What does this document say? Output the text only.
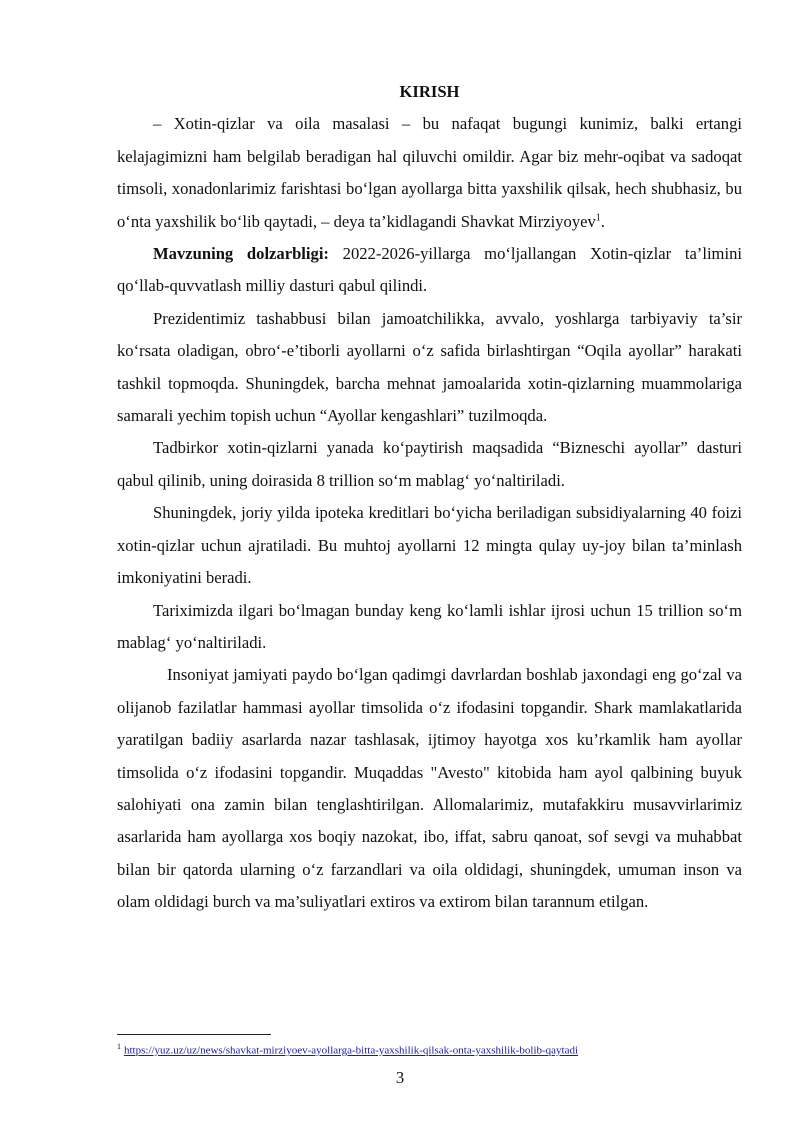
KIRISH

– Xotin-qizlar va oila masalasi – bu nafaqat bugungi kunimiz, balki ertangi kelajagimizni ham belgilab beradigan hal qiluvchi omildir. Agar biz mehr-oqibat va sadoqat timsoli, xonadonlarimiz farishtasi bo‘lgan ayollarga bitta yaxshilik qilsak, hech shubhasiz, bu o‘nta yaxshilik bo‘lib qaytadi, – deya ta’kidlagandi Shavkat Mirziyoyev$^1$.

Mavzuning dolzarbligi: 2022-2026-yillarga mo‘ljallangan Xotin-qizlar ta’limini qo‘llab-quvvatlash milliy dasturi qabul qilindi.

Prezidentimiz tashabbusi bilan jamoatchilikka, avvalo, yoshlarga tarbiyaviy ta’sir ko‘rsata oladigan, obro‘-e’tiborli ayollarni o‘z safida birlashtirgan “Oqila ayollar” harakati tashkil topmoqda. Shuningdek, barcha mehnat jamoalarida xotin-qizlarning muammolariga samarali yechim topish uchun “Ayollar kengashlari” tuzilmoqda.

Tadbirkor xotin-qizlarni yanada ko‘paytirish maqsadida “Bizneschi ayollar” dasturi qabul qilinib, uning doirasida 8 trillion so‘m mablag‘ yo‘naltiriladi.

Shuningdek, joriy yilda ipoteka kreditlari bo‘yicha beriladigan subsidiyalarning 40 foizi xotin-qizlar uchun ajratiladi. Bu muhtoj ayollarni 12 mingta qulay uy-joy bilan ta’minlash imkoniyatini beradi.

Tariximizda ilgari bo‘lmagan bunday keng ko‘lamli ishlar ijrosi uchun 15 trillion so‘m mablag‘ yo‘naltiriladi.

Insoniyat jamiyati paydo bo‘lgan qadimgi davrlardan boshlab jaxondagi eng go‘zal va olijanob fazilatlar hammasi ayollar timsolida o‘z ifodasini topgandir. Shark mamlakatlarida yaratilgan badiiy asarlarda nazar tashlasak, ijtimoy hayotga xos ku’rkamlik ham ayollar timsolida o‘z ifodasini topgandir. Muqaddas "Avesto" kitobida ham ayol qalbining buyuk salohiyati ona zamin bilan tenglashtirilgan. Allomalarimiz, mutafakkiru musavvirlarimiz asarlarida ham ayollarga xos boqiy nazokat, ibo, iffat, sabru qanoat, sof sevgi va muhabbat bilan bir qatorda ularning o‘z farzandlari va oila oldidagi, shuningdek, umuman inson va olam oldidagi burch va ma’suliyatlari extiros va extirom bilan tarannum etilgan.

$^1$ https://yuz.uz/uz/news/shavkat-mirziyoev-ayollarga-bitta-yaxshilik-qilsak-onta-yaxshilik-bolib-qaytadi
3
